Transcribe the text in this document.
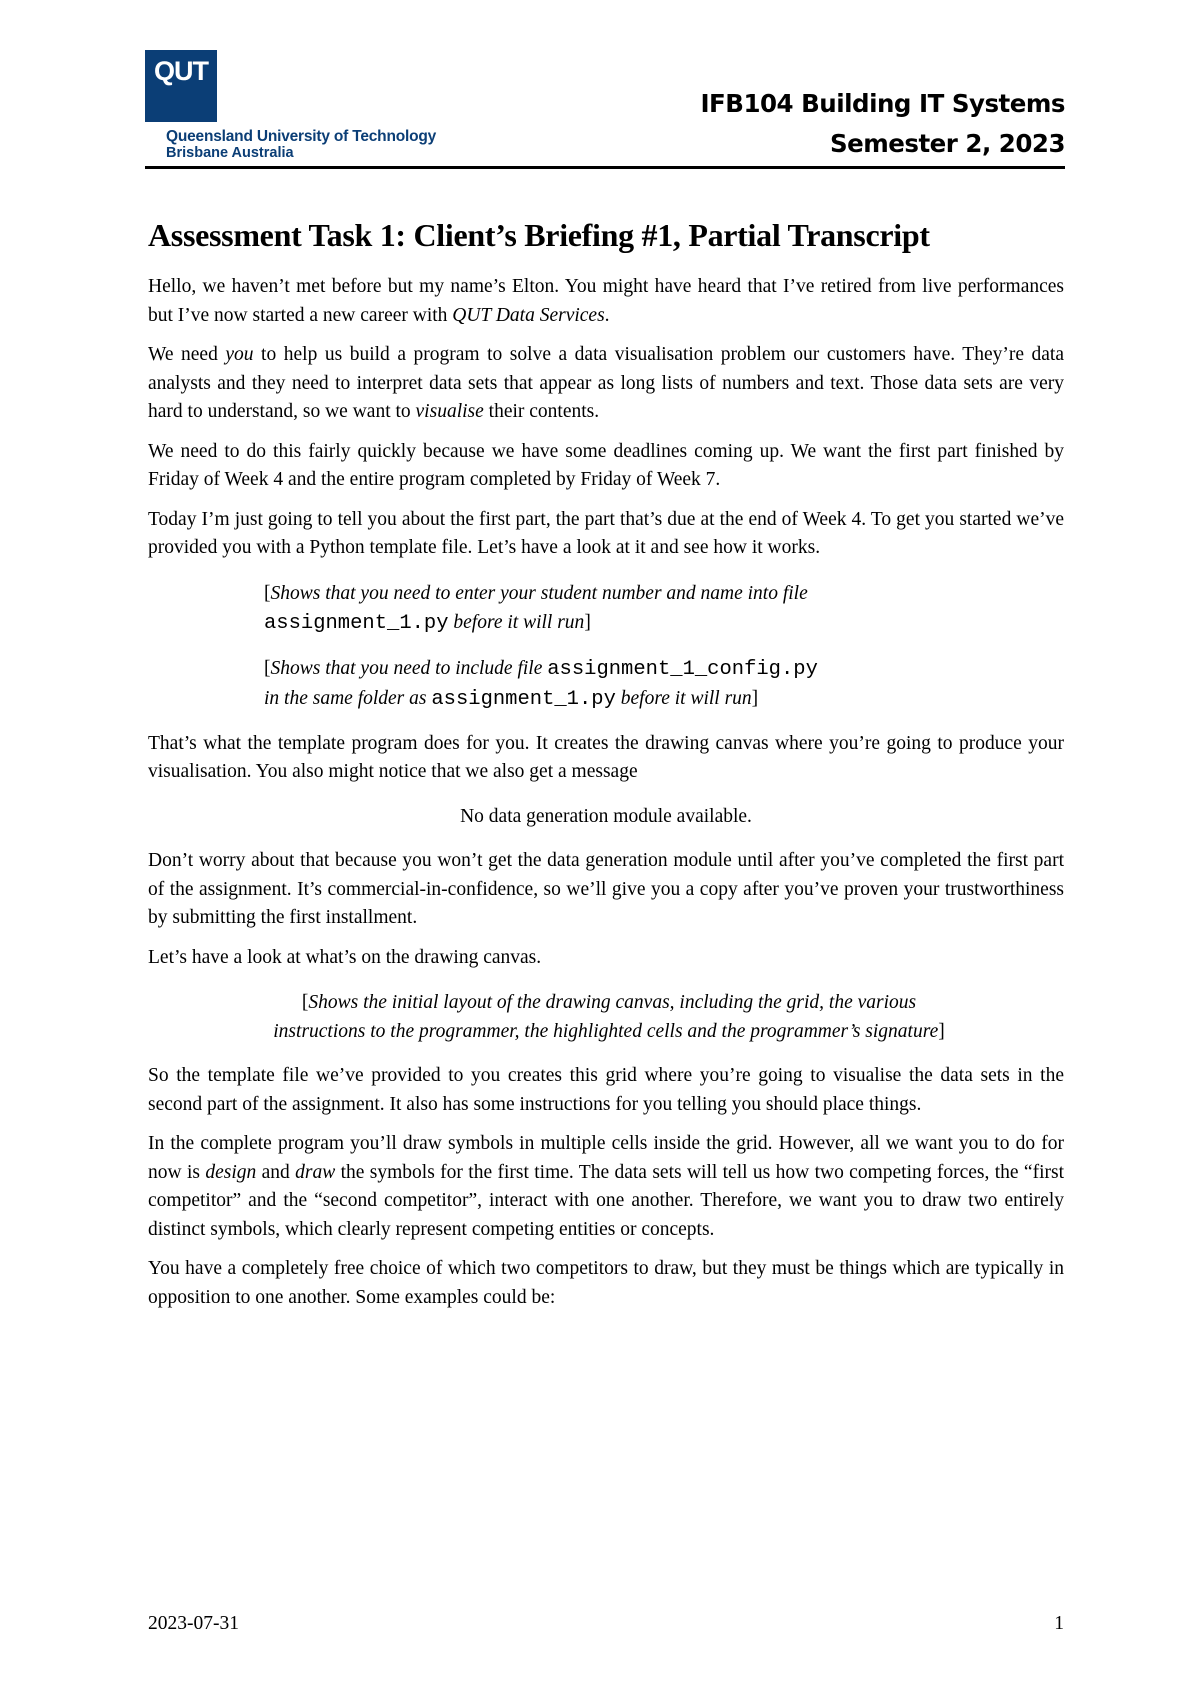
QUT
Queensland University of Technology
Brisbane Australia
IFB104 Building IT Systems
Semester 2, 2023
Assessment Task 1: Client’s Briefing #1, Partial Transcript

Hello, we haven’t met before but my name’s Elton. You might have heard that I’ve retired from live performances but I’ve now started a new career with QUT Data Services.

We need you to help us build a program to solve a data visualisation problem our customers have. They’re data analysts and they need to interpret data sets that appear as long lists of numbers and text. Those data sets are very hard to understand, so we want to visualise their contents.

We need to do this fairly quickly because we have some deadlines coming up. We want the first part finished by Friday of Week 4 and the entire program completed by Friday of Week 7.

Today I’m just going to tell you about the first part, the part that’s due at the end of Week 4. To get you started we’ve provided you with a Python template file. Let’s have a look at it and see how it works.

[Shows that you need to enter your student number and name into file
assignment_1.py before it will run]
[Shows that you need to include file assignment_1_config.py
in the same folder as assignment_1.py before it will run]

That’s what the template program does for you. It creates the drawing canvas where you’re going to produce your visualisation. You also might notice that we also get a message

No data generation module available.

Don’t worry about that because you won’t get the data generation module until after you’ve completed the first part of the assignment. It’s commercial-in-confidence, so we’ll give you a copy after you’ve proven your trustworthiness by submitting the first installment.

Let’s have a look at what’s on the drawing canvas.

[Shows the initial layout of the drawing canvas, including the grid, the various instructions to the programmer, the highlighted cells and the programmer’s signature]

So the template file we’ve provided to you creates this grid where you’re going to visualise the data sets in the second part of the assignment. It also has some instructions for you telling you should place things.

In the complete program you’ll draw symbols in multiple cells inside the grid. However, all we want you to do for now is design and draw the symbols for the first time. The data sets will tell us how two competing forces, the “first competitor” and the “second competitor”, interact with one another. Therefore, we want you to draw two entirely distinct symbols, which clearly represent competing entities or concepts.

You have a completely free choice of which two competitors to draw, but they must be things which are typically in opposition to one another. Some examples could be:

2023-07-31	1
